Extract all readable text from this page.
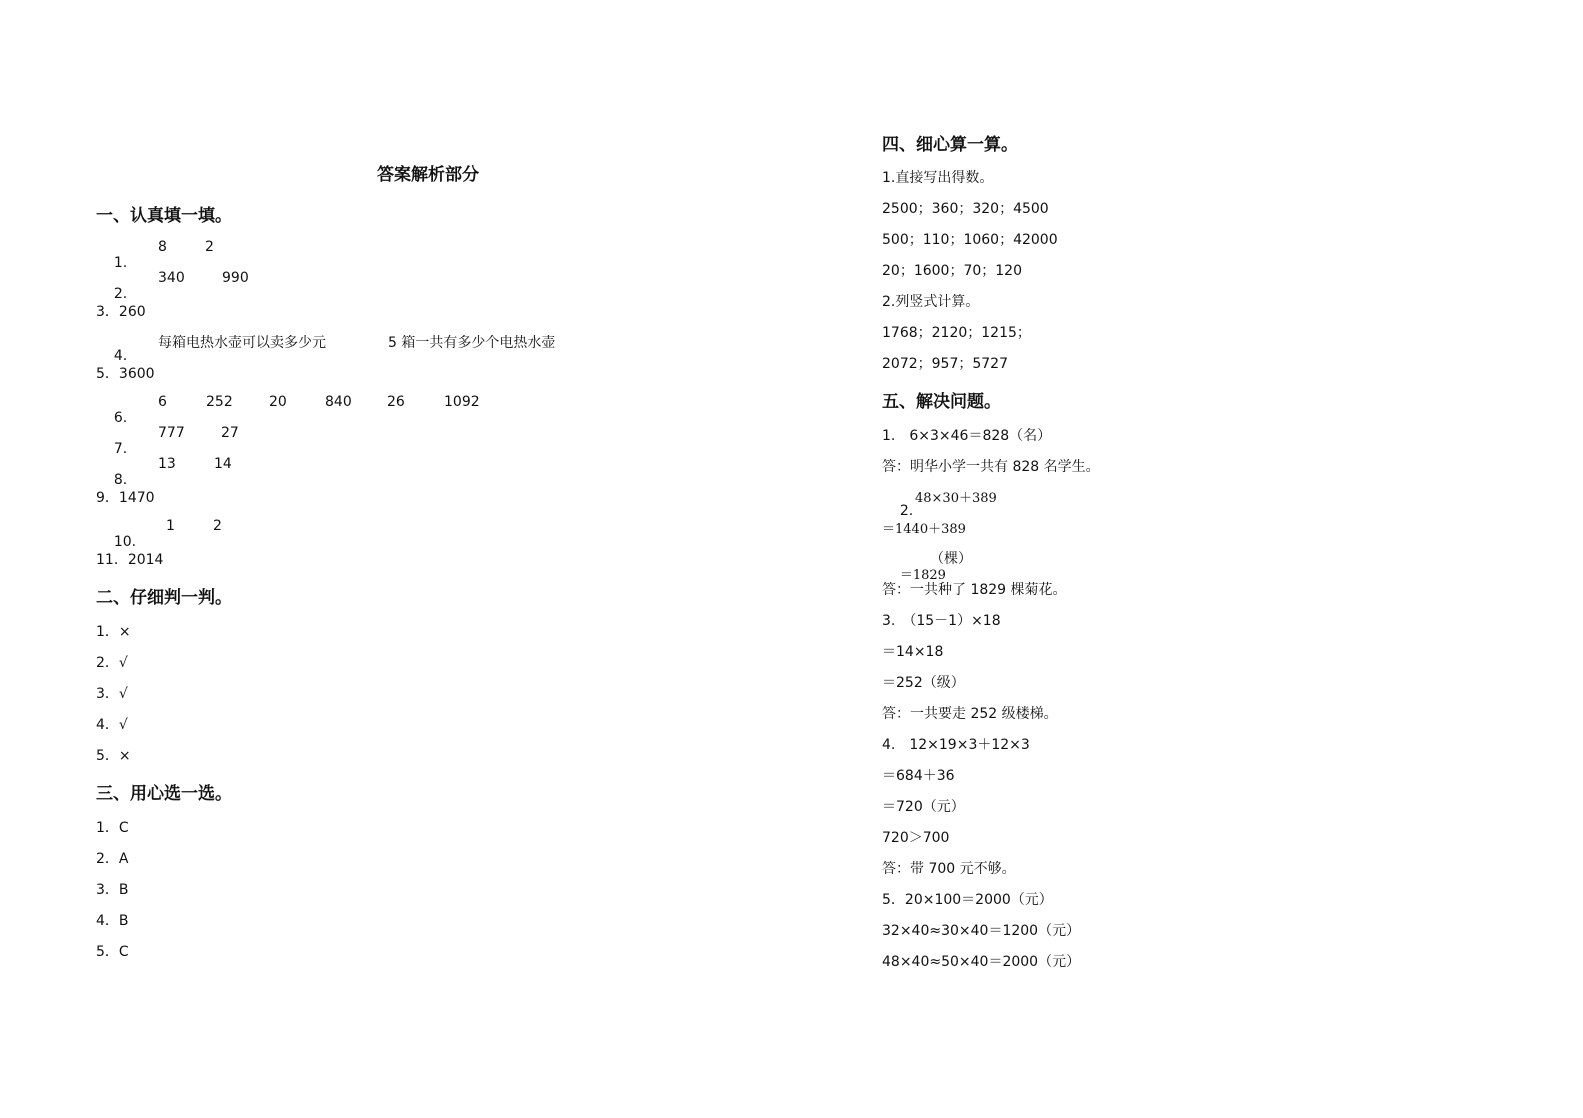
答案解析部分
一、认真填一填。

1.

8

	2

2.

340

	990

3．260

4.

每箱电热水壶可以卖多少元

	5 箱一共有多少个电热水壶

5．3600

6.

6

	252

	20

	840

	26

	1092

7.

777

	27

8.

13

	14

9．1470

10.

1

	2

11．2014
二、仔细判一判。
1．×
2．√
3．√
4．√
5．×
三、用心选一选。
1．C
2．A
3．B
4．B
5．C
四、细心算一算。
1.直接写出得数。
2500；360；320；4500
500；110；1060；42000
20；1600；70；120
2.列竖式计算。
1768；2120；1215；
2072；957；5727
五、解决问题。
1.　6×3×46＝828（名）
答：明华小学一共有 828 名学生。

2.

48×30＋389

＝1440＋389

＝1829

（棵）

答：一共种了 1829 棵菊花。
3.　（15－1）×18
＝14×18
＝252（级）
答：一共要走 252 级楼梯。
4.　12×19×3＋12×3
＝684＋36
＝720（元）
720＞700
答：带 700 元不够。
5．20×100＝2000（元）
32×40≈30×40＝1200（元）
48×40≈50×40＝2000（元）
